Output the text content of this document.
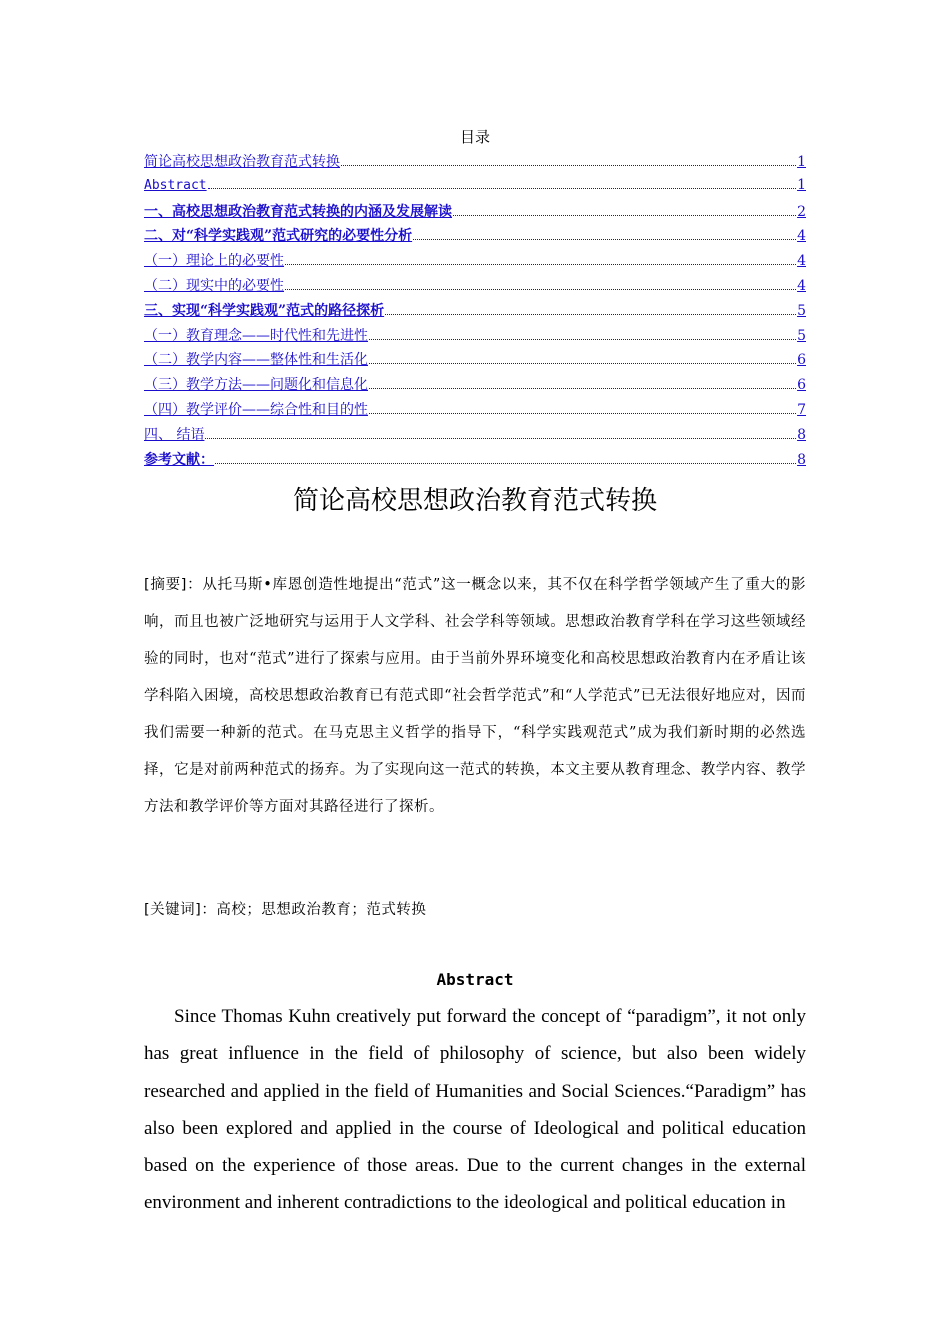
目录
简论高校思想政治教育范式转换	1
Abstract	1
一、高校思想政治教育范式转换的内涵及发展解读	2
二、对“科学实践观”范式研究的必要性分析	4
（一）理论上的必要性	4
（二）现实中的必要性	4
三、实现“科学实践观”范式的路径探析	5
（一）教育理念——时代性和先进性	5
（二）教学内容——整体性和生活化	6
（三）教学方法——问题化和信息化	6
（四）教学评价——综合性和目的性	7
四、 结语	8
参考文献：	8
简论高校思想政治教育范式转换
[摘要]：从托马斯•库恩创造性地提出“范式”这一概念以来，其不仅在科学哲学领域产生了重大的影响，而且也被广泛地研究与运用于人文学科、社会学科等领域。思想政治教育学科在学习这些领域经验的同时，也对“范式”进行了探索与应用。由于当前外界环境变化和高校思想政治教育内在矛盾让该学科陷入困境，高校思想政治教育已有范式即“社会哲学范式”和“人学范式”已无法很好地应对，因而我们需要一种新的范式。在马克思主义哲学的指导下，“科学实践观范式”成为我们新时期的必然选择，它是对前两种范式的扬弃。为了实现向这一范式的转换，本文主要从教育理念、教学内容、教学方法和教学评价等方面对其路径进行了探析。
[关键词]：高校；思想政治教育；范式转换
Abstract
Since Thomas Kuhn creatively put forward the concept of “paradigm”, it not only has great influence in the field of philosophy of science, but also been widely researched and applied in the field of Humanities and Social Sciences.“Paradigm” has also been explored and applied in the course of Ideological and political education based on the experience of those areas. Due to the current changes in the external environment and inherent contradictions to the ideological and political education in
